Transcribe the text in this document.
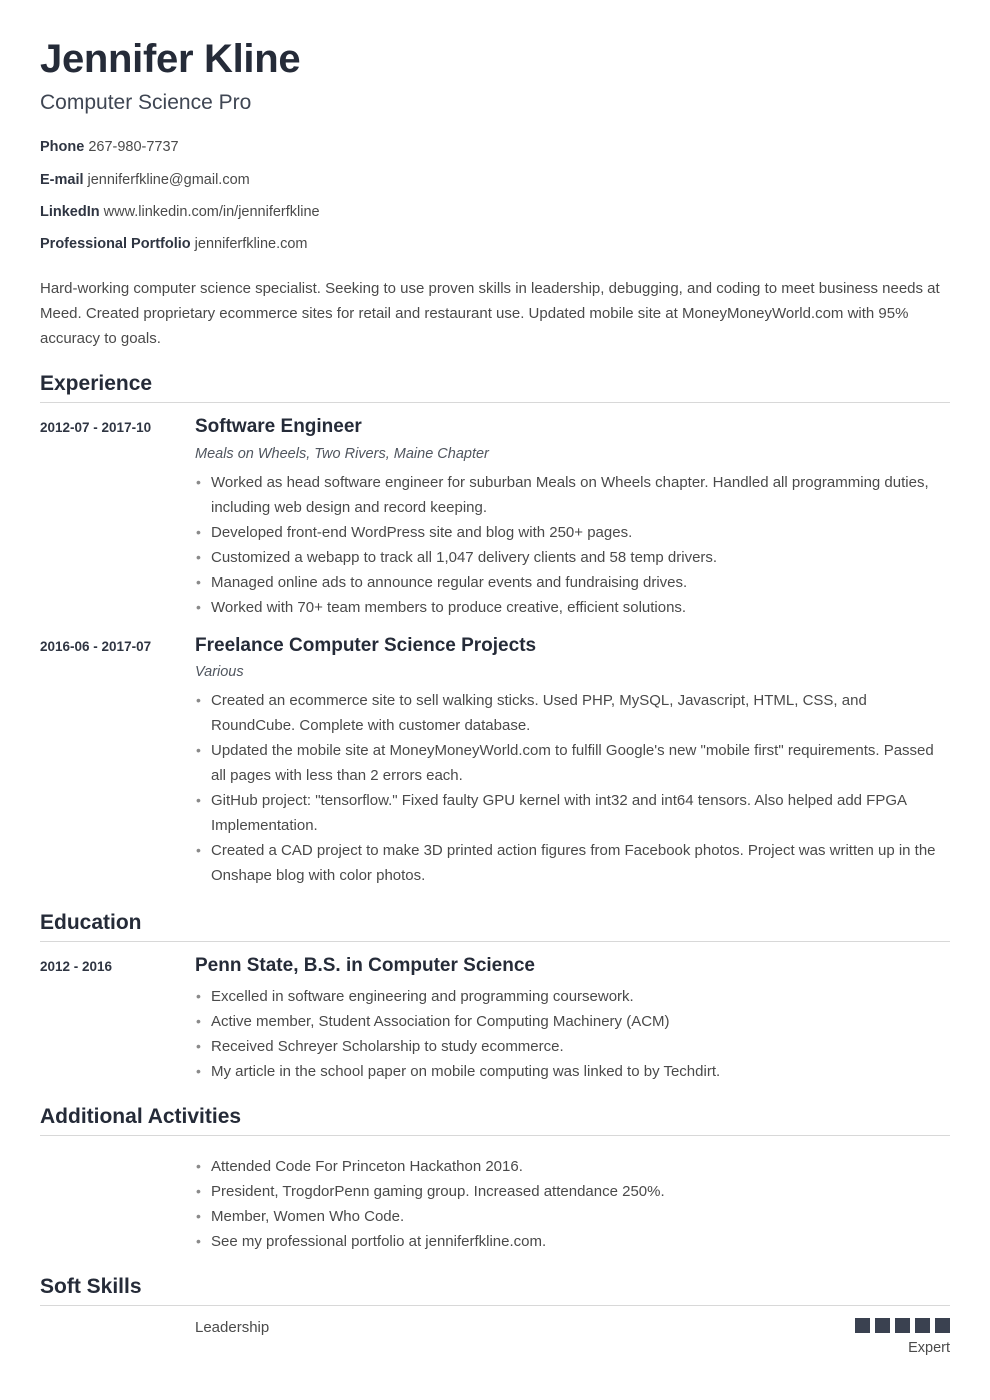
Jennifer Kline
Computer Science Pro
Phone 267-980-7737
E-mail jenniferfkline@gmail.com
LinkedIn www.linkedin.com/in/jenniferfkline
Professional Portfolio jenniferfkline.com
Hard-working computer science specialist. Seeking to use proven skills in leadership, debugging, and coding to meet business needs at Meed. Created proprietary ecommerce sites for retail and restaurant use. Updated mobile site at MoneyMoneyWorld.com with 95% accuracy to goals.
Experience
2012-07 - 2017-10	Software Engineer
Meals on Wheels, Two Rivers, Maine Chapter
• Worked as head software engineer for suburban Meals on Wheels chapter. Handled all programming duties, including web design and record keeping.
• Developed front-end WordPress site and blog with 250+ pages.
• Customized a webapp to track all 1,047 delivery clients and 58 temp drivers.
• Managed online ads to announce regular events and fundraising drives.
• Worked with 70+ team members to produce creative, efficient solutions.
2016-06 - 2017-07	Freelance Computer Science Projects
Various
• Created an ecommerce site to sell walking sticks. Used PHP, MySQL, Javascript, HTML, CSS, and RoundCube. Complete with customer database.
• Updated the mobile site at MoneyMoneyWorld.com to fulfill Google's new "mobile first" requirements. Passed all pages with less than 2 errors each.
• GitHub project: "tensorflow." Fixed faulty GPU kernel with int32 and int64 tensors. Also helped add FPGA Implementation.
• Created a CAD project to make 3D printed action figures from Facebook photos. Project was written up in the Onshape blog with color photos.
Education
2012 - 2016	Penn State, B.S. in Computer Science
• Excelled in software engineering and programming coursework.
• Active member, Student Association for Computing Machinery (ACM)
• Received Schreyer Scholarship to study ecommerce.
• My article in the school paper on mobile computing was linked to by Techdirt.
Additional Activities
• Attended Code For Princeton Hackathon 2016.
• President, TrogdorPenn gaming group. Increased attendance 250%.
• Member, Women Who Code.
• See my professional portfolio at jenniferfkline.com.
Soft Skills
Leadership
Expert
